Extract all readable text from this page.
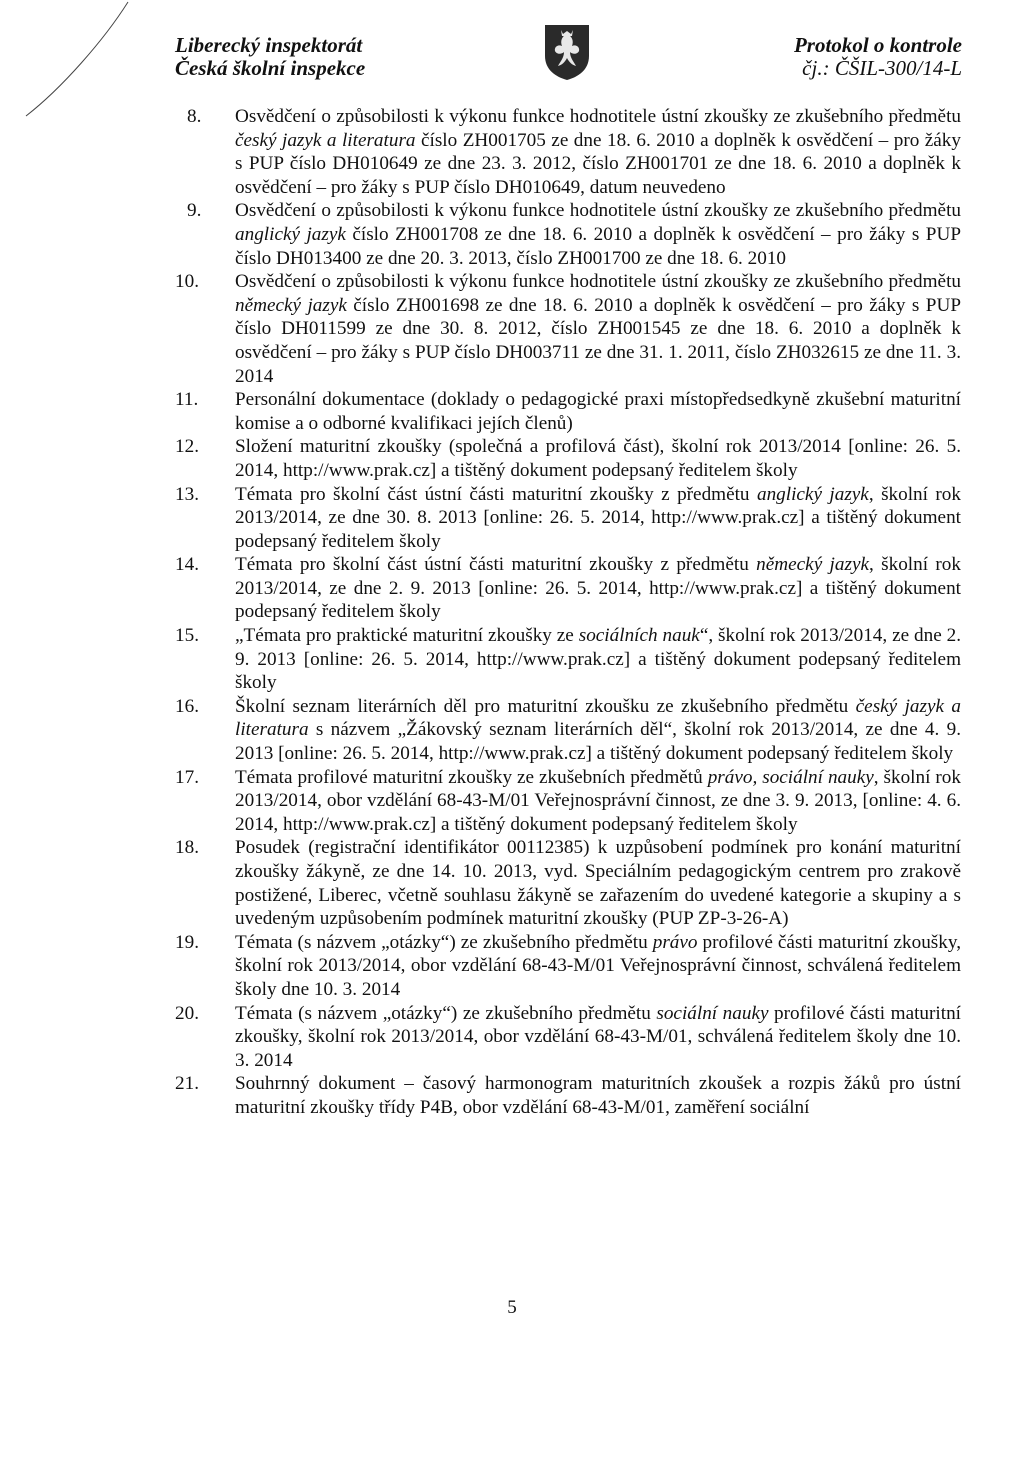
Liberecký inspektorát
Česká školní inspekce
Protokol o kontrole
čj.: ČŠIL-300/14-L
8. Osvědčení o způsobilosti k výkonu funkce hodnotitele ústní zkoušky ze zkušebního předmětu český jazyk a literatura číslo ZH001705 ze dne 18. 6. 2010 a doplněk k osvědčení – pro žáky s PUP číslo DH010649 ze dne 23. 3. 2012, číslo ZH001701 ze dne 18. 6. 2010 a doplněk k osvědčení – pro žáky s PUP číslo DH010649, datum neuvedeno
9. Osvědčení o způsobilosti k výkonu funkce hodnotitele ústní zkoušky ze zkušebního předmětu anglický jazyk číslo ZH001708 ze dne 18. 6. 2010 a doplněk k osvědčení – pro žáky s PUP číslo DH013400 ze dne 20. 3. 2013, číslo ZH001700 ze dne 18. 6. 2010
10. Osvědčení o způsobilosti k výkonu funkce hodnotitele ústní zkoušky ze zkušebního předmětu německý jazyk číslo ZH001698 ze dne 18. 6. 2010 a doplněk k osvědčení – pro žáky s PUP číslo DH011599 ze dne 30. 8. 2012, číslo ZH001545 ze dne 18. 6. 2010 a doplněk k osvědčení – pro žáky s PUP číslo DH003711 ze dne 31. 1. 2011, číslo ZH032615 ze dne 11. 3. 2014
11. Personální dokumentace (doklady o pedagogické praxi místopředsedkyně zkušební maturitní komise a o odborné kvalifikaci jejích členů)
12. Složení maturitní zkoušky (společná a profilová část), školní rok 2013/2014 [online: 26. 5. 2014, http://www.prak.cz] a tištěný dokument podepsaný ředitelem školy
13. Témata pro školní část ústní části maturitní zkoušky z předmětu anglický jazyk, školní rok 2013/2014, ze dne 30. 8. 2013 [online: 26. 5. 2014, http://www.prak.cz] a tištěný dokument podepsaný ředitelem školy
14. Témata pro školní část ústní části maturitní zkoušky z předmětu německý jazyk, školní rok 2013/2014, ze dne 2. 9. 2013 [online: 26. 5. 2014, http://www.prak.cz] a tištěný dokument podepsaný ředitelem školy
15. „Témata pro praktické maturitní zkoušky ze sociálních nauk“, školní rok 2013/2014, ze dne 2. 9. 2013 [online: 26. 5. 2014, http://www.prak.cz] a tištěný dokument podepsaný ředitelem školy
16. Školní seznam literárních děl pro maturitní zkoušku ze zkušebního předmětu český jazyk a literatura s názvem „Žákovský seznam literárních děl“, školní rok 2013/2014, ze dne 4. 9. 2013 [online: 26. 5. 2014, http://www.prak.cz] a tištěný dokument podepsaný ředitelem školy
17. Témata profilové maturitní zkoušky ze zkušebních předmětů právo, sociální nauky, školní rok 2013/2014, obor vzdělání 68-43-M/01 Veřejnosprávní činnost, ze dne 3. 9. 2013, [online: 4. 6. 2014, http://www.prak.cz] a tištěný dokument podepsaný ředitelem školy
18. Posudek (registrační identifikátor 00112385) k uzpůsobení podmínek pro konání maturitní zkoušky žákyně, ze dne 14. 10. 2013, vyd. Speciálním pedagogickým centrem pro zrakově postižené, Liberec, včetně souhlasu žákyně se zařazením do uvedené kategorie a skupiny a s uvedeným uzpůsobením podmínek maturitní zkoušky (PUP ZP-3-26-A)
19. Témata (s názvem „otázky“) ze zkušebního předmětu právo profilové části maturitní zkoušky, školní rok 2013/2014, obor vzdělání 68-43-M/01 Veřejnosprávní činnost, schválená ředitelem školy dne 10. 3. 2014
20. Témata (s názvem „otázky“) ze zkušebního předmětu sociální nauky profilové části maturitní zkoušky, školní rok 2013/2014, obor vzdělání 68-43-M/01, schválená ředitelem školy dne 10. 3. 2014
21. Souhrnný dokument – časový harmonogram maturitních zkoušek a rozpis žáků pro ústní maturitní zkoušky třídy P4B, obor vzdělání 68-43-M/01, zaměření sociální
5
